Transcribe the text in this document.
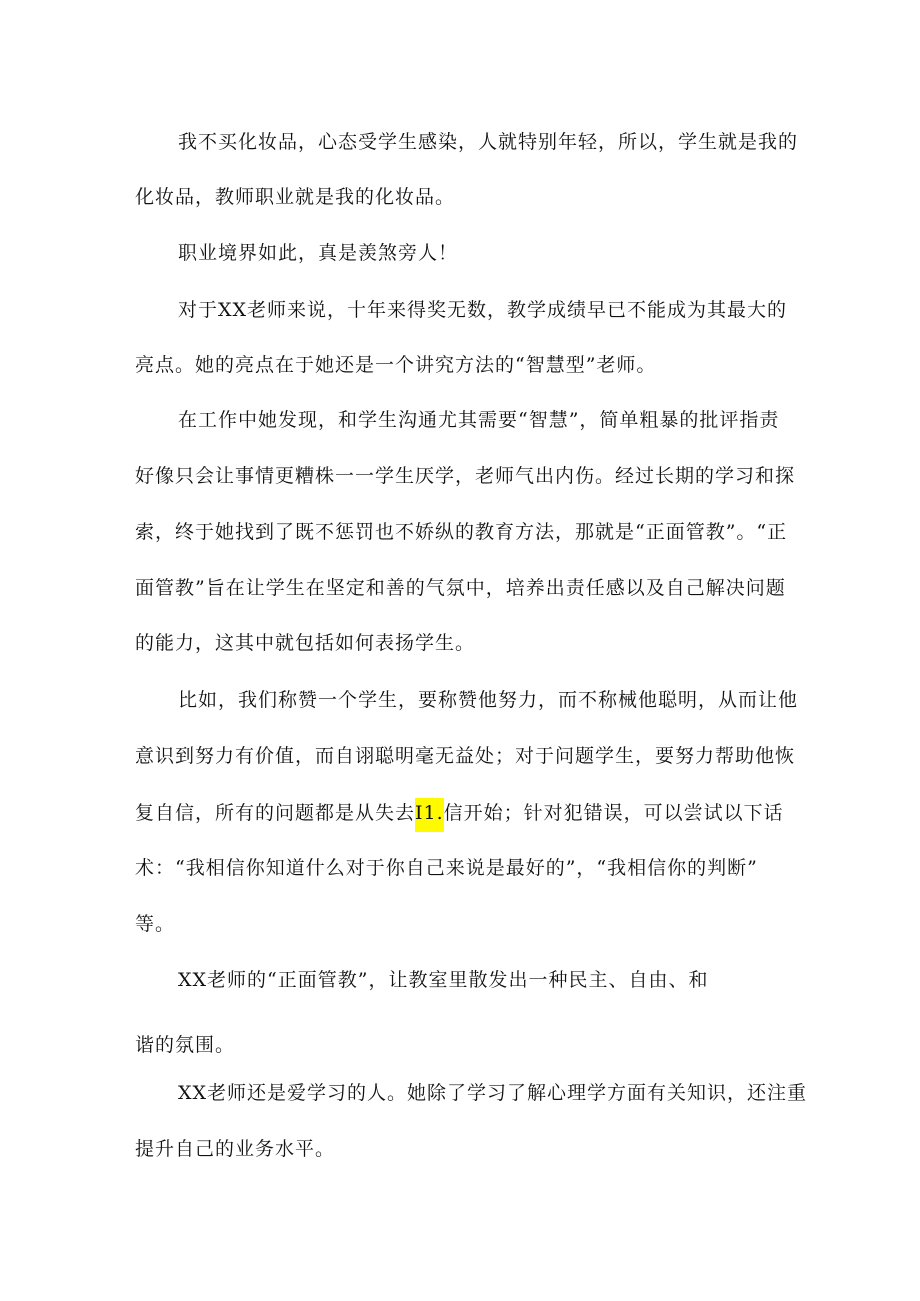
我不买化妆品，心态受学生感染，人就特别年轻，所以，学生就是我的
化妆品，教师职业就是我的化妆品。
职业境界如此，真是羡煞旁人！
对于XX老师来说，十年来得奖无数，教学成绩早已不能成为其最大的
亮点。她的亮点在于她还是一个讲究方法的“智慧型”老师。
在工作中她发现，和学生沟通尤其需要“智慧”，简单粗暴的批评指责
好像只会让事情更糟株一一学生厌学，老师气出内伤。经过长期的学习和探
索，终于她找到了既不惩罚也不娇纵的教育方法，那就是“正面管教”。“正
面管教”旨在让学生在坚定和善的气氛中，培养出责任感以及自己解决问题
的能力，这其中就包括如何表扬学生。
比如，我们称赞一个学生，要称赞他努力，而不称械他聪明，从而让他
意识到努力有价值，而自诩聪明毫无益处；对于问题学生，要努力帮助他恢
复自信，所有的问题都是从失去I1.信开始；针对犯错误，可以尝试以下话
术：“我相信你知道什么对于你自己来说是最好的”，“我相信你的判断”
等。
XX老师的“正面管教”，让教室里散发出一种民主、自由、和
谐的氛围。
XX老师还是爱学习的人。她除了学习了解心理学方面有关知识，还注重
提升自己的业务水平。
